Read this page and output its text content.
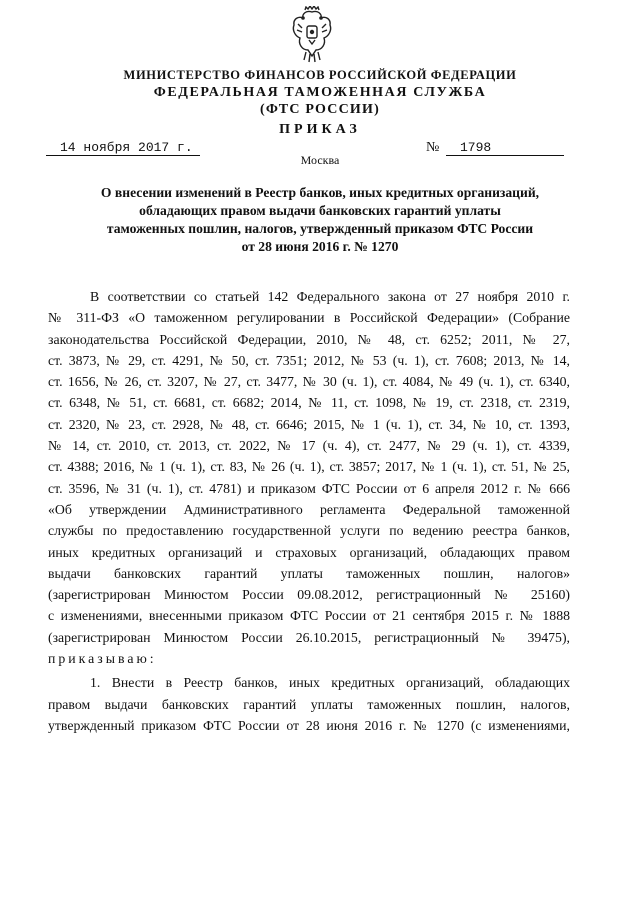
МИНИСТЕРСТВО ФИНАНСОВ РОССИЙСКОЙ ФЕДЕРАЦИИ
ФЕДЕРАЛЬНАЯ ТАМОЖЕННАЯ СЛУЖБА
(ФТС РОССИИ)
ПРИКАЗ
14 ноября 2017 г.	№	1798
Москва
О внесении изменений в Реестр банков, иных кредитных организаций,
обладающих правом выдачи банковских гарантий уплаты
таможенных пошлин, налогов, утвержденный приказом ФТС России
от 28 июня 2016 г. № 1270
В соответствии со статьей 142 Федерального закона от 27 ноября 2010 г.
№ 311-ФЗ «О таможенном регулировании в Российской Федерации» (Собрание
законодательства Российской Федерации, 2010, № 48, ст. 6252; 2011, № 27,
ст. 3873, № 29, ст. 4291, № 50, ст. 7351; 2012, № 53 (ч. 1), ст. 7608; 2013, № 14,
ст. 1656, № 26, ст. 3207, № 27, ст. 3477, № 30 (ч. 1), ст. 4084, № 49 (ч. 1), ст. 6340,
ст. 6348, № 51, ст. 6681, ст. 6682; 2014, № 11, ст. 1098, № 19, ст. 2318, ст. 2319,
ст. 2320, № 23, ст. 2928, № 48, ст. 6646; 2015, № 1 (ч. 1), ст. 34, № 10, ст. 1393,
№ 14, ст. 2010, ст. 2013, ст. 2022, № 17 (ч. 4), ст. 2477, № 29 (ч. 1), ст. 4339,
ст. 4388; 2016, № 1 (ч. 1), ст. 83, № 26 (ч. 1), ст. 3857; 2017, № 1 (ч. 1), ст. 51, № 25,
ст. 3596, № 31 (ч. 1), ст. 4781) и приказом ФТС России от 6 апреля 2012 г. № 666
«Об утверждении Административного регламента Федеральной таможенной
службы по предоставлению государственной услуги по ведению реестра банков,
иных кредитных организаций и страховых организаций, обладающих правом
выдачи банковских гарантий уплаты таможенных пошлин, налогов»
(зарегистрирован Минюстом России 09.08.2012, регистрационный № 25160)
с изменениями, внесенными приказом ФТС России от 21 сентября 2015 г. № 1888
(зарегистрирован Минюстом России 26.10.2015, регистрационный № 39475),
приказываю:
1. Внести в Реестр банков, иных кредитных организаций, обладающих
правом выдачи банковских гарантий уплаты таможенных пошлин, налогов,
утвержденный приказом ФТС России от 28 июня 2016 г. № 1270 (с изменениями,
